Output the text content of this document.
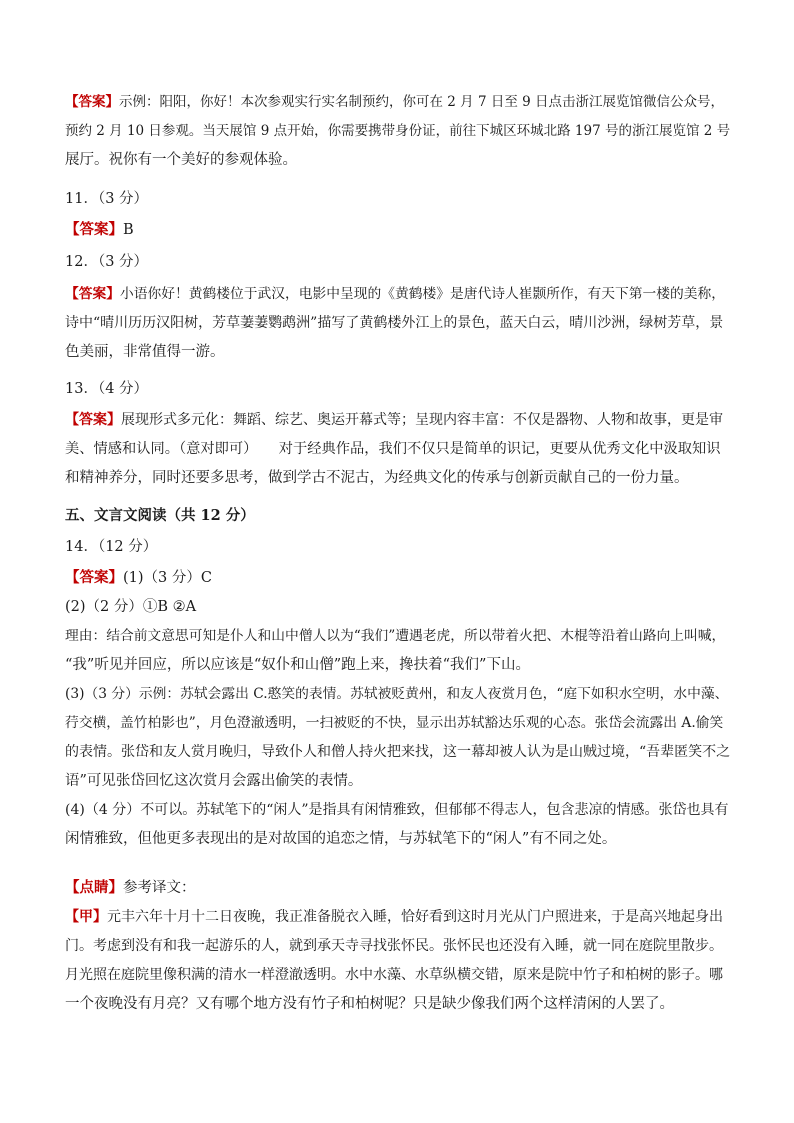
【答案】示例：阳阳，你好！本次参观实行实名制预约，你可在 2 月 7 日至 9 日点击浙江展览馆微信公众号，
预约 2 月 10 日参观。当天展馆 9 点开始，你需要携带身份证，前往下城区环城北路 197 号的浙江展览馆 2 号
展厅。祝你有一个美好的参观体验。
11．（3 分）
【答案】B
12．（3 分）
【答案】小语你好！黄鹤楼位于武汉，电影中呈现的《黄鹤楼》是唐代诗人崔颢所作，有天下第一楼的美称，
诗中“晴川历历汉阳树，芳草萋萋鹦鹉洲”描写了黄鹤楼外江上的景色，蓝天白云，晴川沙洲，绿树芳草，景
色美丽，非常值得一游。
13．（4 分）
【答案】展现形式多元化：舞蹈、综艺、奥运开幕式等；呈现内容丰富：不仅是器物、人物和故事，更是审
美、情感和认同。（意对即可）　　对于经典作品，我们不仅只是简单的识记，更要从优秀文化中汲取知识
和精神养分，同时还要多思考，做到学古不泥古，为经典文化的传承与创新贡献自己的一份力量。
五、文言文阅读（共 12 分）
14．（12 分）
【答案】(1)（3 分）C
(2)（2 分）①B ②A
理由：结合前文意思可知是仆人和山中僧人以为“我们”遭遇老虎，所以带着火把、木棍等沿着山路向上叫喊，
“我”听见并回应，所以应该是“奴仆和山僧”跑上来，搀扶着“我们”下山。
(3)（3 分）示例：苏轼会露出 C.憨笑的表情。苏轼被贬黄州，和友人夜赏月色，“庭下如积水空明，水中藻、
荇交横，盖竹柏影也”，月色澄澈透明，一扫被贬的不快，显示出苏轼豁达乐观的心态。张岱会流露出 A.偷笑
的表情。张岱和友人赏月晚归，导致仆人和僧人持火把来找，这一幕却被人认为是山贼过境，“吾辈匿笑不之
语”可见张岱回忆这次赏月会露出偷笑的表情。
(4)（4 分）不可以。苏轼笔下的“闲人”是指具有闲情雅致，但郁郁不得志人，包含悲凉的情感。张岱也具有
闲情雅致，但他更多表现出的是对故国的追恋之情，与苏轼笔下的“闲人”有不同之处。
【点睛】参考译文：
【甲】元丰六年十月十二日夜晚，我正准备脱衣入睡，恰好看到这时月光从门户照进来，于是高兴地起身出
门。考虑到没有和我一起游乐的人，就到承天寺寻找张怀民。张怀民也还没有入睡，就一同在庭院里散步。
月光照在庭院里像积满的清水一样澄澈透明。水中水藻、水草纵横交错，原来是院中竹子和柏树的影子。哪
一个夜晚没有月亮？又有哪个地方没有竹子和柏树呢？只是缺少像我们两个这样清闲的人罢了。
